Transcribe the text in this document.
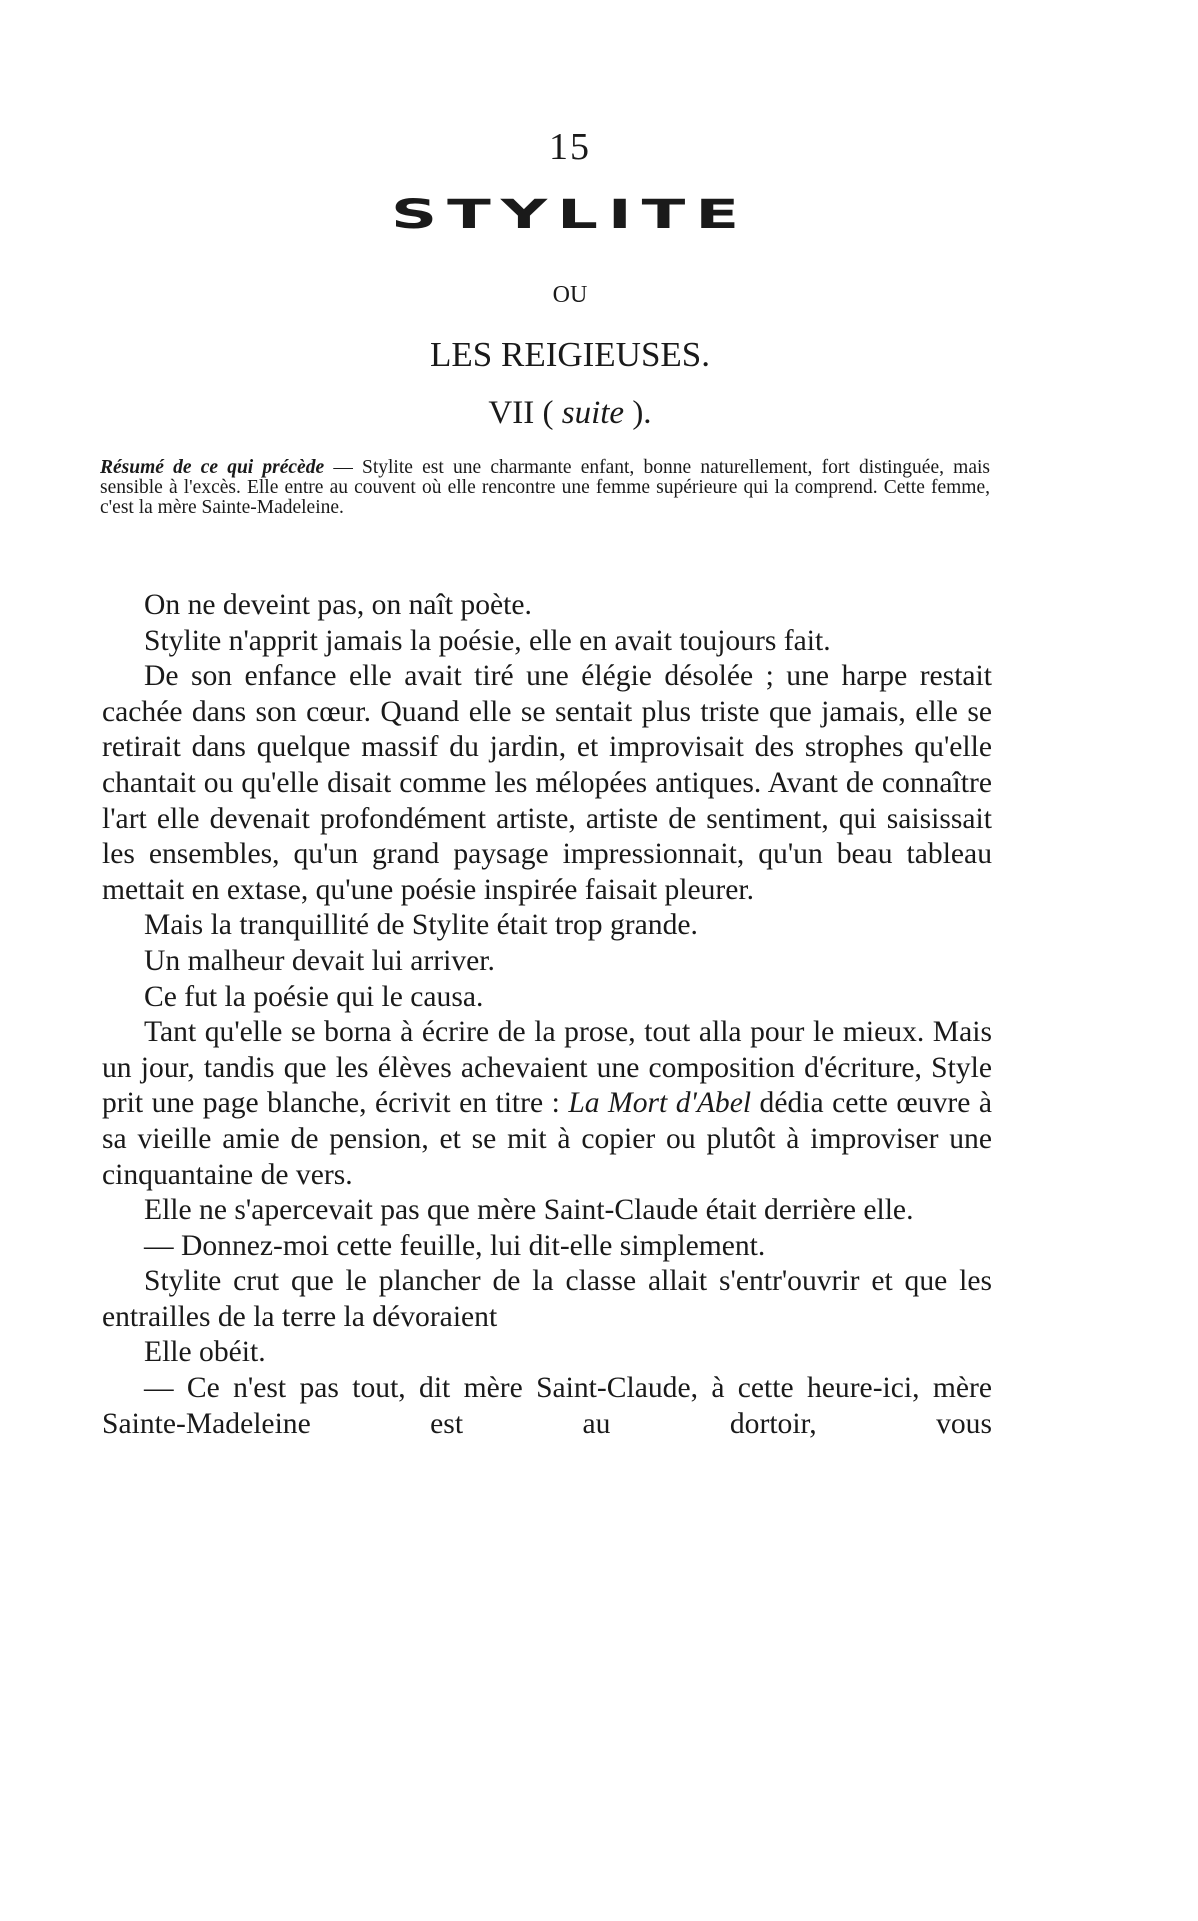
15
STYLITE
OU
LES REIGIEUSES.
VII ( suite ).
Résumé de ce qui précède — Stylite est une charmante enfant, bonne naturellement, fort distinguée, mais sensible à l'excès. Elle entre au couvent où elle rencontre une femme supérieure qui la comprend. Cette femme, c'est la mère Sainte-Madeleine.

On ne deveint pas, on naît poète.

Stylite n'apprit jamais la poésie, elle en avait toujours fait.

De son enfance elle avait tiré une élégie désolée ; une harpe restait cachée dans son cœur. Quand elle se sentait plus triste que jamais, elle se retirait dans quelque massif du jardin, et improvisait des strophes qu'elle chantait ou qu'elle disait comme les mélopées antiques. Avant de connaître l'art elle devenait profondément artiste, artiste de sentiment, qui saisissait les ensembles, qu'un grand paysage impressionnait, qu'un beau tableau mettait en extase, qu'une poésie inspirée faisait pleurer.

Mais la tranquillité de Stylite était trop grande.

Un malheur devait lui arriver.

Ce fut la poésie qui le causa.

Tant qu'elle se borna à écrire de la prose, tout alla pour le mieux. Mais un jour, tandis que les élèves achevaient une composition d'écriture, Style prit une page blanche, écrivit en titre : La Mort d'Abel dédia cette œuvre à sa vieille amie de pension, et se mit à copier ou plutôt à improviser une cinquantaine de vers.

Elle ne s'apercevait pas que mère Saint-Claude était derrière elle.

— Donnez-moi cette feuille, lui dit-elle simplement.

Stylite crut que le plancher de la classe allait s'entr'ouvrir et que les entrailles de la terre la dévoraient

Elle obéit.

— Ce n'est pas tout, dit mère Saint-Claude, à cette heure-ici, mère Sainte-Madeleine est au dortoir, vous
